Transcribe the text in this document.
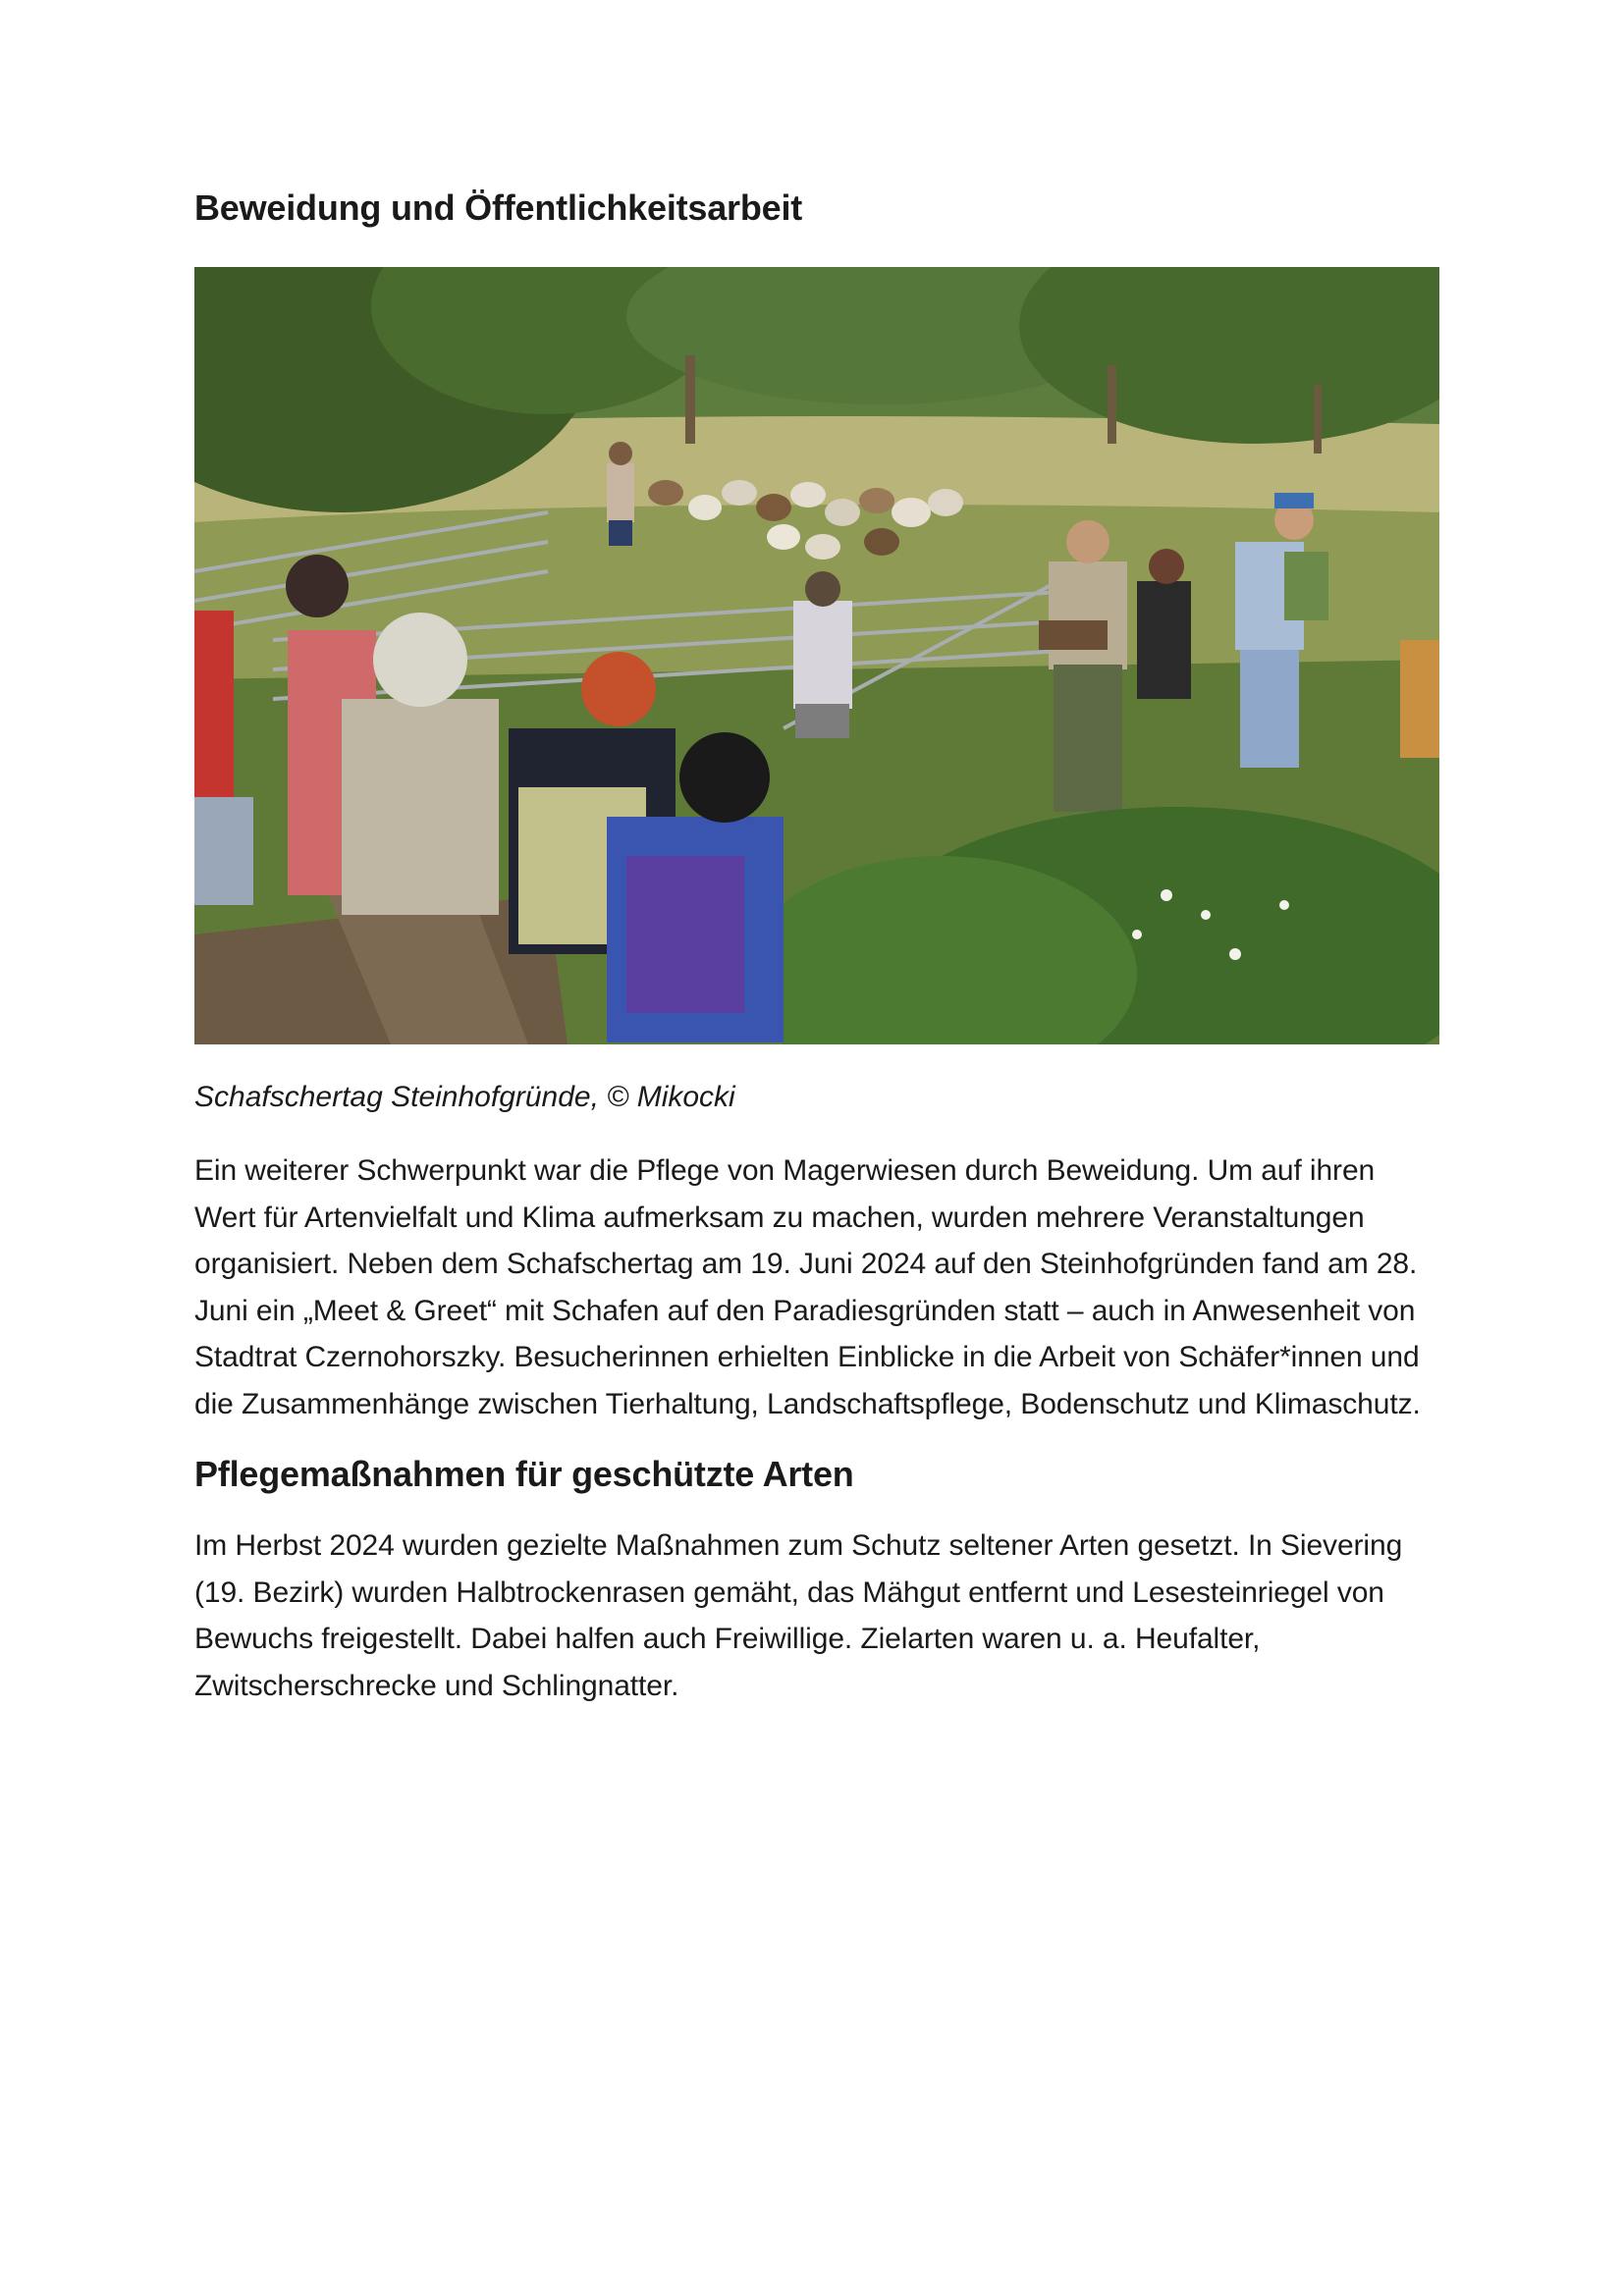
Beweidung und Öffentlichkeitsarbeit

Schafschertag Steinhofgründe, © Mikocki

Ein weiterer Schwerpunkt war die Pflege von Magerwiesen durch Beweidung. Um auf ihren Wert für Artenvielfalt und Klima aufmerksam zu machen, wurden mehrere Veranstaltungen organisiert. Neben dem Schafschertag am 19. Juni 2024 auf den Steinhofgründen fand am 28. Juni ein „Meet & Greet“ mit Schafen auf den Paradiesgründen statt – auch in Anwesenheit von Stadtrat Czernohorszky. Besucherinnen erhielten Einblicke in die Arbeit von Schäfer*innen und die Zusammenhänge zwischen Tierhaltung, Landschaftspflege, Bodenschutz und Klimaschutz.

Pflegemaßnahmen für geschützte Arten

Im Herbst 2024 wurden gezielte Maßnahmen zum Schutz seltener Arten gesetzt. In Sievering (19. Bezirk) wurden Halbtrockenrasen gemäht, das Mähgut entfernt und Lesesteinriegel von Bewuchs freigestellt. Dabei halfen auch Freiwillige. Zielarten waren u. a. Heufalter, Zwitscherschrecke und Schlingnatter.
